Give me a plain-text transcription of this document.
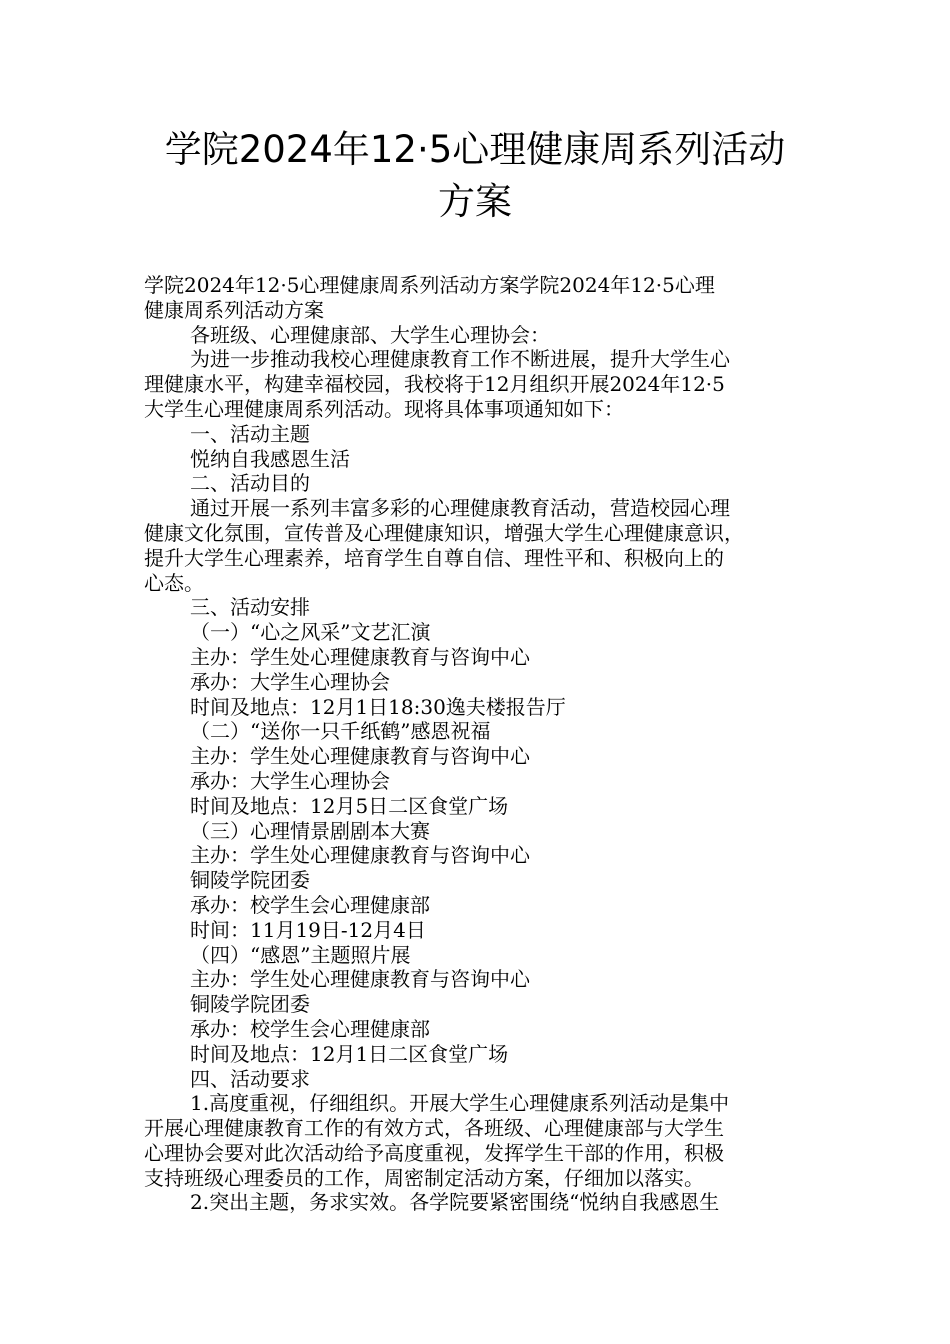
学院2024年12·5心理健康周系列活动
方案

学院2024年12·5心理健康周系列活动方案学院2024年12·5心理

健康周系列活动方案

各班级、心理健康部、大学生心理协会：

为进一步推动我校心理健康教育工作不断进展，提升大学生心

理健康水平，构建幸福校园，我校将于12月组织开展2024年12·5

大学生心理健康周系列活动。现将具体事项通知如下：

一、活动主题

悦纳自我感恩生活

二、活动目的

通过开展一系列丰富多彩的心理健康教育活动，营造校园心理

健康文化氛围，宣传普及心理健康知识，增强大学生心理健康意识，

提升大学生心理素养，培育学生自尊自信、理性平和、积极向上的

心态。

三、活动安排

（一）“心之风采”文艺汇演

主办：学生处心理健康教育与咨询中心

承办：大学生心理协会

时间及地点：12月1日18:30逸夫楼报告厅

（二）“送你一只千纸鹤”感恩祝福

主办：学生处心理健康教育与咨询中心

承办：大学生心理协会

时间及地点：12月5日二区食堂广场

（三）心理情景剧剧本大赛

主办：学生处心理健康教育与咨询中心

铜陵学院团委

承办：校学生会心理健康部

时间：11月19日-12月4日

（四）“感恩”主题照片展

主办：学生处心理健康教育与咨询中心

铜陵学院团委

承办：校学生会心理健康部

时间及地点：12月1日二区食堂广场

四、活动要求

1.高度重视，仔细组织。开展大学生心理健康系列活动是集中

开展心理健康教育工作的有效方式，各班级、心理健康部与大学生

心理协会要对此次活动给予高度重视，发挥学生干部的作用，积极

支持班级心理委员的工作，周密制定活动方案，仔细加以落实。

2.突出主题，务求实效。各学院要紧密围绕“悦纳自我感恩生
